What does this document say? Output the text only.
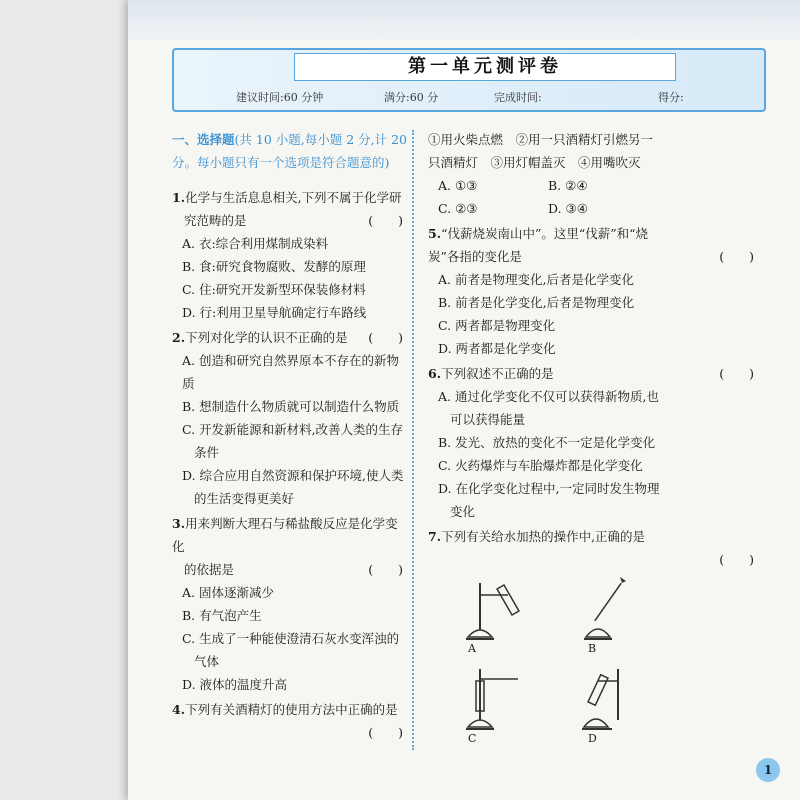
第一单元测评卷
建议时间:60 分钟	满分:60 分	完成时间:	得分:
一、选择题(共 10 小题,每小题 2 分,计 20
分。每小题只有一个选项是符合题意的)
1.化学与生活息息相关,下列不属于化学研
究范畴的是	(　　)
A. 衣:综合利用煤制成染料
B. 食:研究食物腐败、发酵的原理
C. 住:研究开发新型环保装修材料
D. 行:利用卫星导航确定行车路线
2.下列对化学的认识不正确的是 (　　)
A. 创造和研究自然界原本不存在的新物质
B. 想制造什么物质就可以制造什么物质
C. 开发新能源和新材料,改善人类的生存
条件
D. 综合应用自然资源和保护环境,使人类
的生活变得更美好
3.用来判断大理石与稀盐酸反应是化学变化
的依据是	(　　)
A. 固体逐渐减少
B. 有气泡产生
C. 生成了一种能使澄清石灰水变浑浊的
气体
D. 液体的温度升高
4.下列有关酒精灯的使用方法中正确的是
(　　)
①用火柴点燃　②用一只酒精灯引燃另一
只酒精灯　③用灯帽盖灭　④用嘴吹灭
A. ①③	B. ②④
C. ②③	D. ③④
5.“伐薪烧炭南山中”。这里“伐薪”和“烧
炭”各指的变化是	(　　)
A. 前者是物理变化,后者是化学变化
B. 前者是化学变化,后者是物理变化
C. 两者都是物理变化
D. 两者都是化学变化
6.下列叙述不正确的是	(　　)
A. 通过化学变化不仅可以获得新物质,也
可以获得能量
B. 发光、放热的变化不一定是化学变化
C. 火药爆炸与车胎爆炸都是化学变化
D. 在化学变化过程中,一定同时发生物理
变化
7.下列有关给水加热的操作中,正确的是
(　　)
A	B
C	D
1
